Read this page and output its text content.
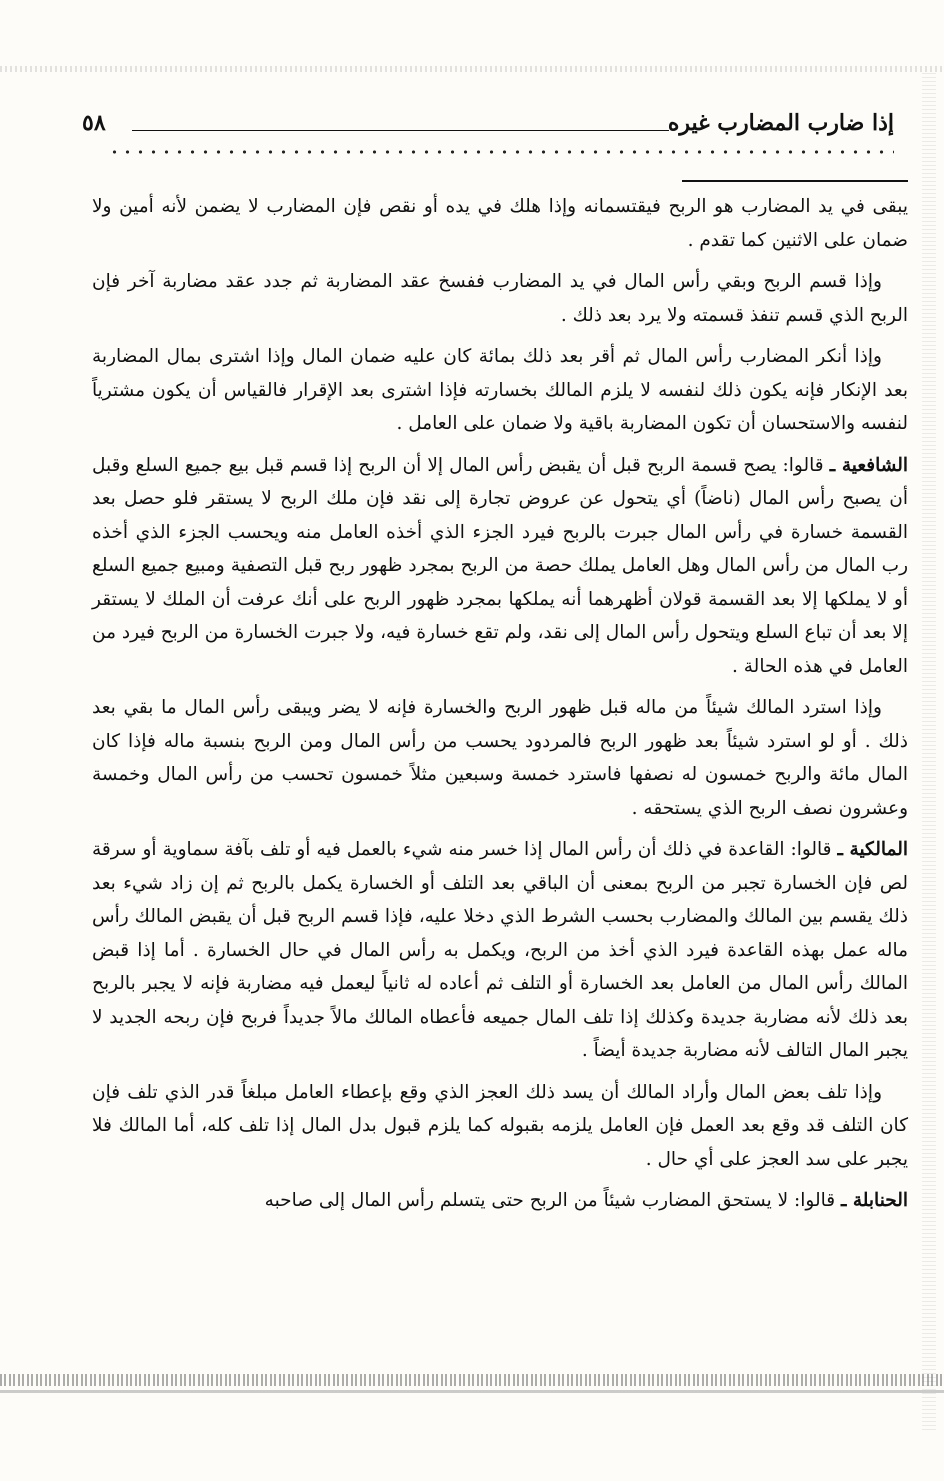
إذا ضارب المضارب غيره
٥٨

يبقى في يد المضارب هو الربح فيقتسمانه وإذا هلك في يده أو نقص فإن المضارب لا يضمن لأنه أمين ولا ضمان على الاثنين كما تقدم .

وإذا قسم الربح وبقي رأس المال في يد المضارب ففسخ عقد المضاربة ثم جدد عقد مضاربة آخر فإن الربح الذي قسم تنفذ قسمته ولا يرد بعد ذلك .

وإذا أنكر المضارب رأس المال ثم أقر بعد ذلك بمائة كان عليه ضمان المال وإذا اشترى بمال المضاربة بعد الإنكار فإنه يكون ذلك لنفسه لا يلزم المالك بخسارته فإذا اشترى بعد الإقرار فالقياس أن يكون مشترياً لنفسه والاستحسان أن تكون المضاربة باقية ولا ضمان على العامل .

الشافعية ـ قالوا: يصح قسمة الربح قبل أن يقبض رأس المال إلا أن الربح إذا قسم قبل بيع جميع السلع وقبل أن يصبح رأس المال (ناضاً) أي يتحول عن عروض تجارة إلى نقد فإن ملك الربح لا يستقر فلو حصل بعد القسمة خسارة في رأس المال جبرت بالربح فيرد الجزء الذي أخذه العامل منه ويحسب الجزء الذي أخذه رب المال من رأس المال وهل العامل يملك حصة من الربح بمجرد ظهور ربح قبل التصفية ومبيع جميع السلع أو لا يملكها إلا بعد القسمة قولان أظهرهما أنه يملكها بمجرد ظهور الربح على أنك عرفت أن الملك لا يستقر إلا بعد أن تباع السلع ويتحول رأس المال إلى نقد، ولم تقع خسارة فيه، ولا جبرت الخسارة من الربح فيرد من العامل في هذه الحالة .

وإذا استرد المالك شيئاً من ماله قبل ظهور الربح والخسارة فإنه لا يضر ويبقى رأس المال ما بقي بعد ذلك . أو لو استرد شيئاً بعد ظهور الربح فالمردود يحسب من رأس المال ومن الربح بنسبة ماله فإذا كان المال مائة والربح خمسون له نصفها فاسترد خمسة وسبعين مثلاً خمسون تحسب من رأس المال وخمسة وعشرون نصف الربح الذي يستحقه .

المالكية ـ قالوا: القاعدة في ذلك أن رأس المال إذا خسر منه شيء بالعمل فيه أو تلف بآفة سماوية أو سرقة لص فإن الخسارة تجبر من الربح بمعنى أن الباقي بعد التلف أو الخسارة يكمل بالربح ثم إن زاد شيء بعد ذلك يقسم بين المالك والمضارب بحسب الشرط الذي دخلا عليه، فإذا قسم الربح قبل أن يقبض المالك رأس ماله عمل بهذه القاعدة فيرد الذي أخذ من الربح، ويكمل به رأس المال في حال الخسارة . أما إذا قبض المالك رأس المال من العامل بعد الخسارة أو التلف ثم أعاده له ثانياً ليعمل فيه مضاربة فإنه لا يجبر بالربح بعد ذلك لأنه مضاربة جديدة وكذلك إذا تلف المال جميعه فأعطاه المالك مالاً جديداً فربح فإن ربحه الجديد لا يجبر المال التالف لأنه مضاربة جديدة أيضاً .

وإذا تلف بعض المال وأراد المالك أن يسد ذلك العجز الذي وقع بإعطاء العامل مبلغاً قدر الذي تلف فإن كان التلف قد وقع بعد العمل فإن العامل يلزمه بقبوله كما يلزم قبول بدل المال إذا تلف كله، أما المالك فلا يجبر على سد العجز على أي حال .

الحنابلة ـ قالوا: لا يستحق المضارب شيئاً من الربح حتى يتسلم رأس المال إلى صاحبه
